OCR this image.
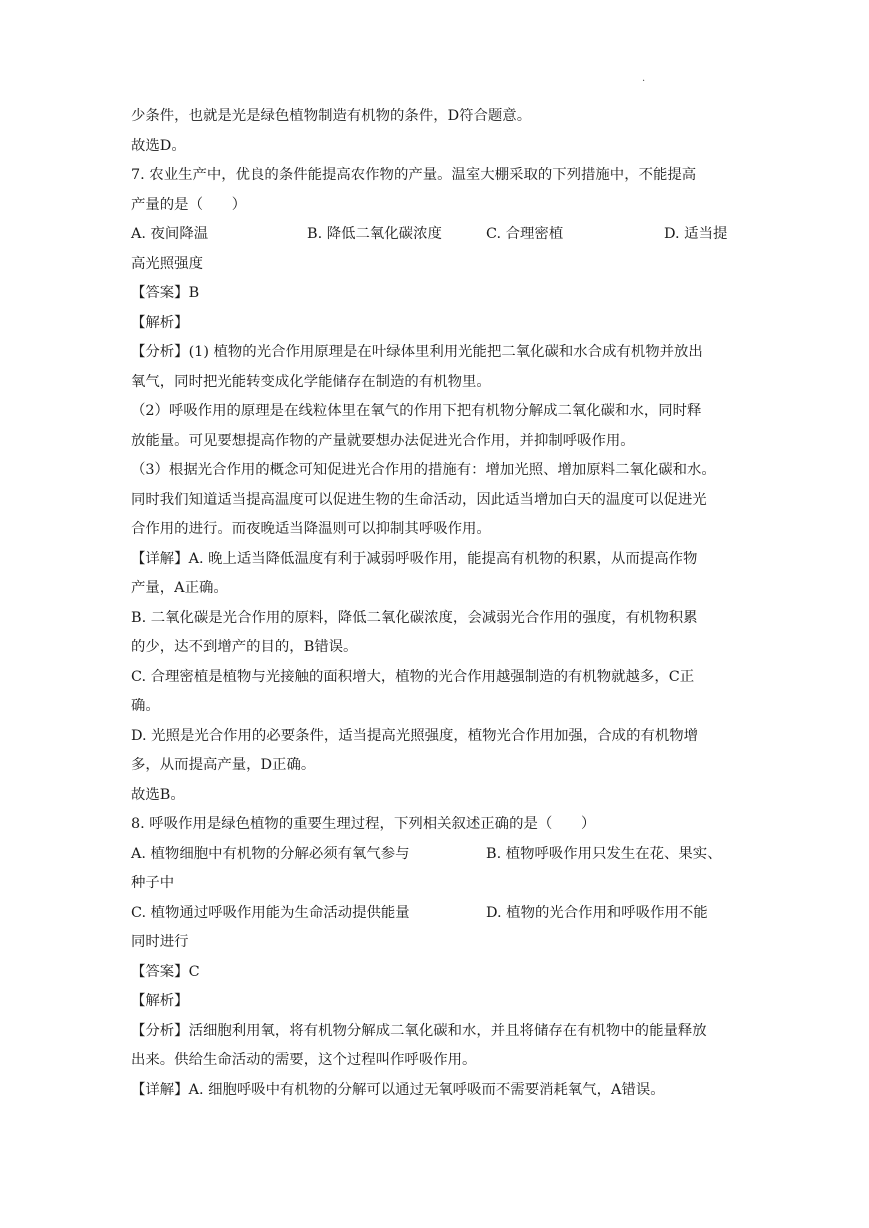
·
少条件，也就是光是绿色植物制造有机物的条件，D符合题意。
故选D。
7. 农业生产中，优良的条件能提高农作物的产量。温室大棚采取的下列措施中，不能提高
产量的是（　　）
A. 夜间降温	B. 降低二氧化碳浓度	C. 合理密植	D. 适当提
高光照强度
【答案】B
【解析】
【分析】(1) 植物的光合作用原理是在叶绿体里利用光能把二氧化碳和水合成有机物并放出
氧气，同时把光能转变成化学能储存在制造的有机物里。
（2）呼吸作用的原理是在线粒体里在氧气的作用下把有机物分解成二氧化碳和水，同时释
放能量。可见要想提高作物的产量就要想办法促进光合作用，并抑制呼吸作用。
（3）根据光合作用的概念可知促进光合作用的措施有：增加光照、增加原料二氧化碳和水。
同时我们知道适当提高温度可以促进生物的生命活动，因此适当增加白天的温度可以促进光
合作用的进行。而夜晚适当降温则可以抑制其呼吸作用。
【详解】A. 晚上适当降低温度有利于减弱呼吸作用，能提高有机物的积累，从而提高作物
产量，A正确。
B. 二氧化碳是光合作用的原料，降低二氧化碳浓度，会减弱光合作用的强度，有机物积累
的少，达不到增产的目的，B错误。
C. 合理密植是植物与光接触的面积增大，植物的光合作用越强制造的有机物就越多，C正
确。
D. 光照是光合作用的必要条件，适当提高光照强度，植物光合作用加强，合成的有机物增
多，从而提高产量，D正确。
故选B。
8. 呼吸作用是绿色植物的重要生理过程，下列相关叙述正确的是（　　）
A. 植物细胞中有机物的分解必须有氧气参与	B. 植物呼吸作用只发生在花、果实、
种子中
C. 植物通过呼吸作用能为生命活动提供能量	D. 植物的光合作用和呼吸作用不能
同时进行
【答案】C
【解析】
【分析】活细胞利用氧，将有机物分解成二氧化碳和水，并且将储存在有机物中的能量释放
出来。供给生命活动的需要，这个过程叫作呼吸作用。
【详解】A. 细胞呼吸中有机物的分解可以通过无氧呼吸而不需要消耗氧气，A错误。
